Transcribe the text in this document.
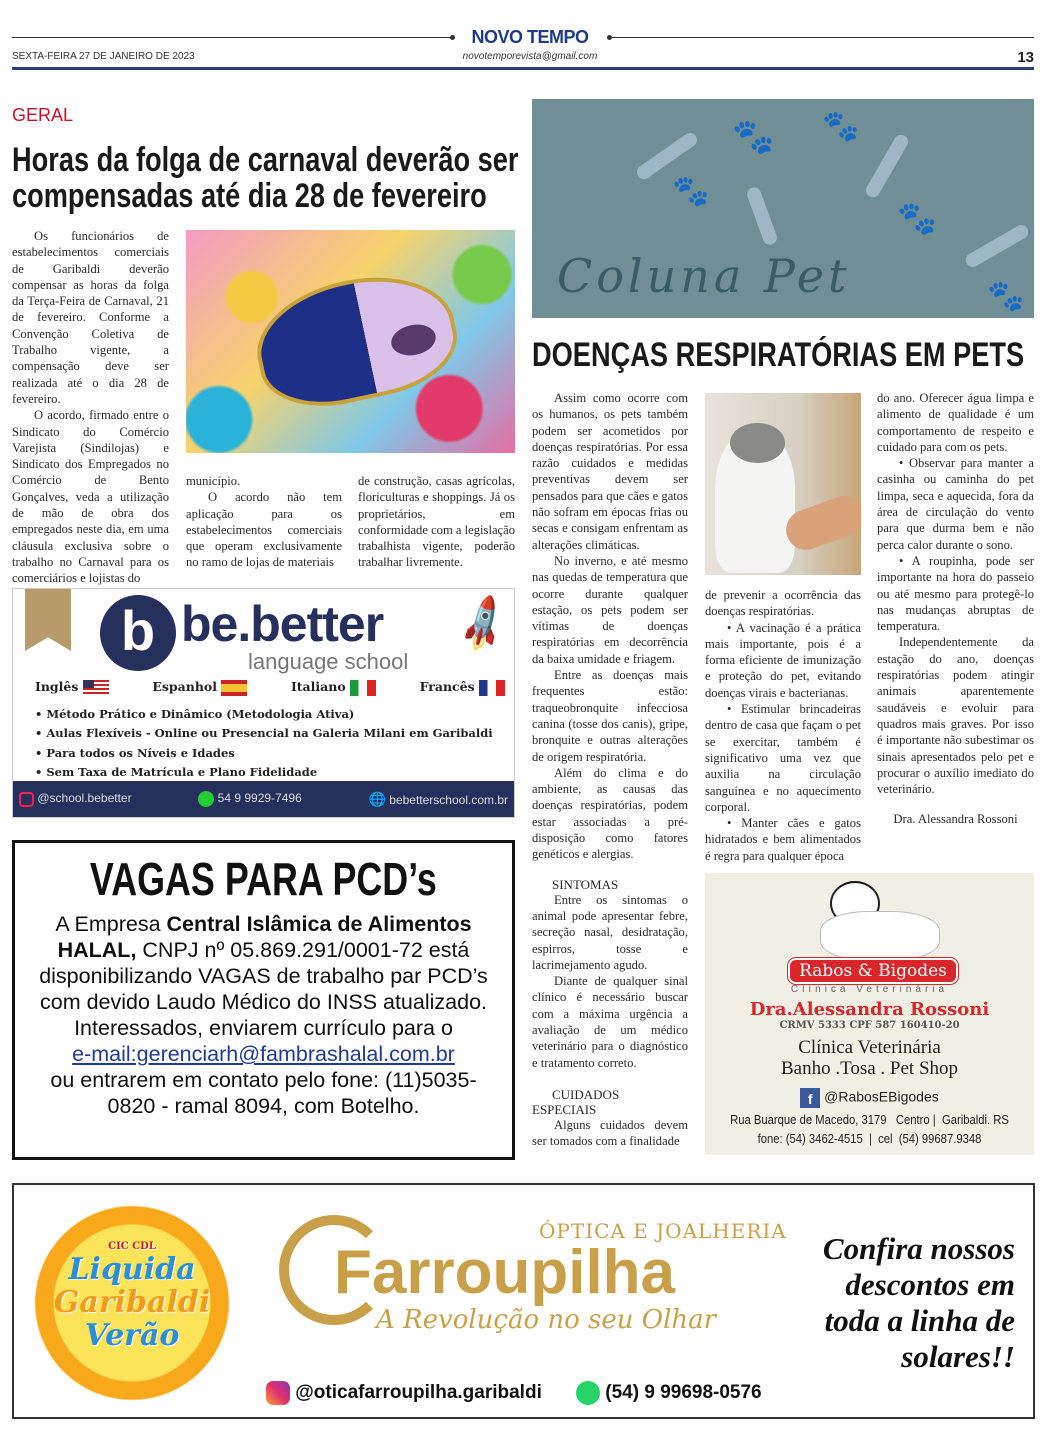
NOVO TEMPO
novotemporevista@gmail.com
SEXTA-FEIRA 27 DE JANEIRO DE 2023	13
GERAL
Horas da folga de carnaval deverão ser
compensadas até dia 28 de fevereiro

Os funcionários de estabelecimentos comerciais de Garibaldi deverão compensar as horas da folga da Terça-Feira de Carnaval, 21 de fevereiro. Conforme a Convenção Coletiva de Trabalho vigente, a compensação deve ser realizada até o dia 28 de fevereiro.

O acordo, firmado entre o Sindicato do Comércio Varejista (Sindilojas) e Sindicato dos Empregados no Comércio de Bento Gonçalves, veda a utilização de mão de obra dos empregados neste dia, em uma cláusula exclusiva sobre o trabalho no Carnaval para os comerciários e lojistas do

município.

O acordo não tem aplicação para os estabelecimentos comerciais que operam exclusivamente no ramo de lojas de materiais

de construção, casas agrícolas, floriculturas e shoppings. Já os proprietários, em conformidade com a legislação trabalhista vigente, poderão trabalhar livremente.

b be.better
language school
🚀
Inglês	Espanhol	Italiano	Francês
• Método Prático e Dinâmico (Metodologia Ativa)
• Aulas Flexíveis - Online ou Presencial na Galeria Milani em Garibaldi
• Para todos os Níveis e Idades
• Sem Taxa de Matrícula e Plano Fidelidade
@school.bebetter	54 9 9929-7496	🌐 bebetterschool.com.br
VAGAS PARA PCD’s
A Empresa Central Islâmica de Alimentos HALAL, CNPJ nº 05.869.291/0001-72 está disponibilizando VAGAS de trabalho par PCD’s com devido Laudo Médico do INSS atualizado. Interessados, enviarem currículo para o
e-mail:gerenciarh@fambrashalal.com.br
ou entrarem em contato pelo fone: (11)5035-0820 - ramal 8094, com Botelho.
🐾 🐾
🐾
🐾
🐾
Coluna Pet
DOENÇAS RESPIRATÓRIAS EM PETS

Assim como ocorre com os humanos, os pets também podem ser acometidos por doenças respiratórias. Por essa razão cuidados e medidas preventivas devem ser pensados para que cães e gatos não sofram em épocas frias ou secas e consigam enfrentam as alterações climáticas.

No inverno, e até mesmo nas quedas de temperatura que ocorre durante qualquer estação, os pets podem ser vítimas de doenças respiratórias em decorrência da baixa umidade e friagem.

Entre as doenças mais frequentes estão: traqueobronquite infecciosa canina (tosse dos canis), gripe, bronquite e outras alterações de origem respiratória.

Além do clima e do ambiente, as causas das doenças respiratórias, podem estar associadas a pré-disposição como fatores genéticos e alergias.

SINTOMAS

Entre os sintomas o animal pode apresentar febre, secreção nasal, desidratação, espirros, tosse e lacrimejamento agudo.

Diante de qualquer sinal clínico é necessário buscar com a máxima urgência a avaliação de um médico veterinário para o diagnóstico e tratamento correto.

CUIDADOS ESPECIAIS

Alguns cuidados devem ser tomados com a finalidade

de prevenir a ocorrência das doenças respiratórias.

• A vacinação é a prática mais importante, pois é a forma eficiente de imunização e proteção do pet, evitando doenças virais e bacterianas.

• Estimular brincadeiras dentro de casa que façam o pet se exercitar, também é significativo uma vez que auxilia na circulação sanguínea e no aquecimento corporal.

• Manter cães e gatos hidratados e bem alimentados é regra para qualquer época

do ano. Oferecer água limpa e alimento de qualidade é um comportamento de respeito e cuidado para com os pets.

• Observar para manter a casinha ou caminha do pet limpa, seca e aquecida, fora da área de circulação do vento para que durma bem e não perca calor durante o sono.

• A roupinha, pode ser importante na hora do passeio ou até mesmo para protegê-lo nas mudanças abruptas de temperatura.

Independentemente da estação do ano, doenças respiratórias podem atingir animais aparentemente saudáveis e evoluir para quadros mais graves. Por isso é importante não subestimar os sinais apresentados pelo pet e procurar o auxílio imediato do veterinário.

Dra. Alessandra Rossoni

Rabos & Bigodes
Clínica Veterinária
Dra.Alessandra Rossoni
CRMV 5333 CPF 587 160410-20
Clínica Veterinária
Banho .Tosa . Pet Shop
f @RabosEBigodes
Rua Buarque de Macedo, 3179   Centro |  Garibaldi. RS
fone: (54) 3462-4515  |  cel  (54) 99687.9348
CIC CDL
Liquida
Garibaldi
Verão
ÓPTICA E JOALHERIA
Farroupilha
A Revolução no seu Olhar
Confira nossos descontos em toda a linha de solares!!
@oticafarroupilha.garibaldi	(54) 9 99698-0576
